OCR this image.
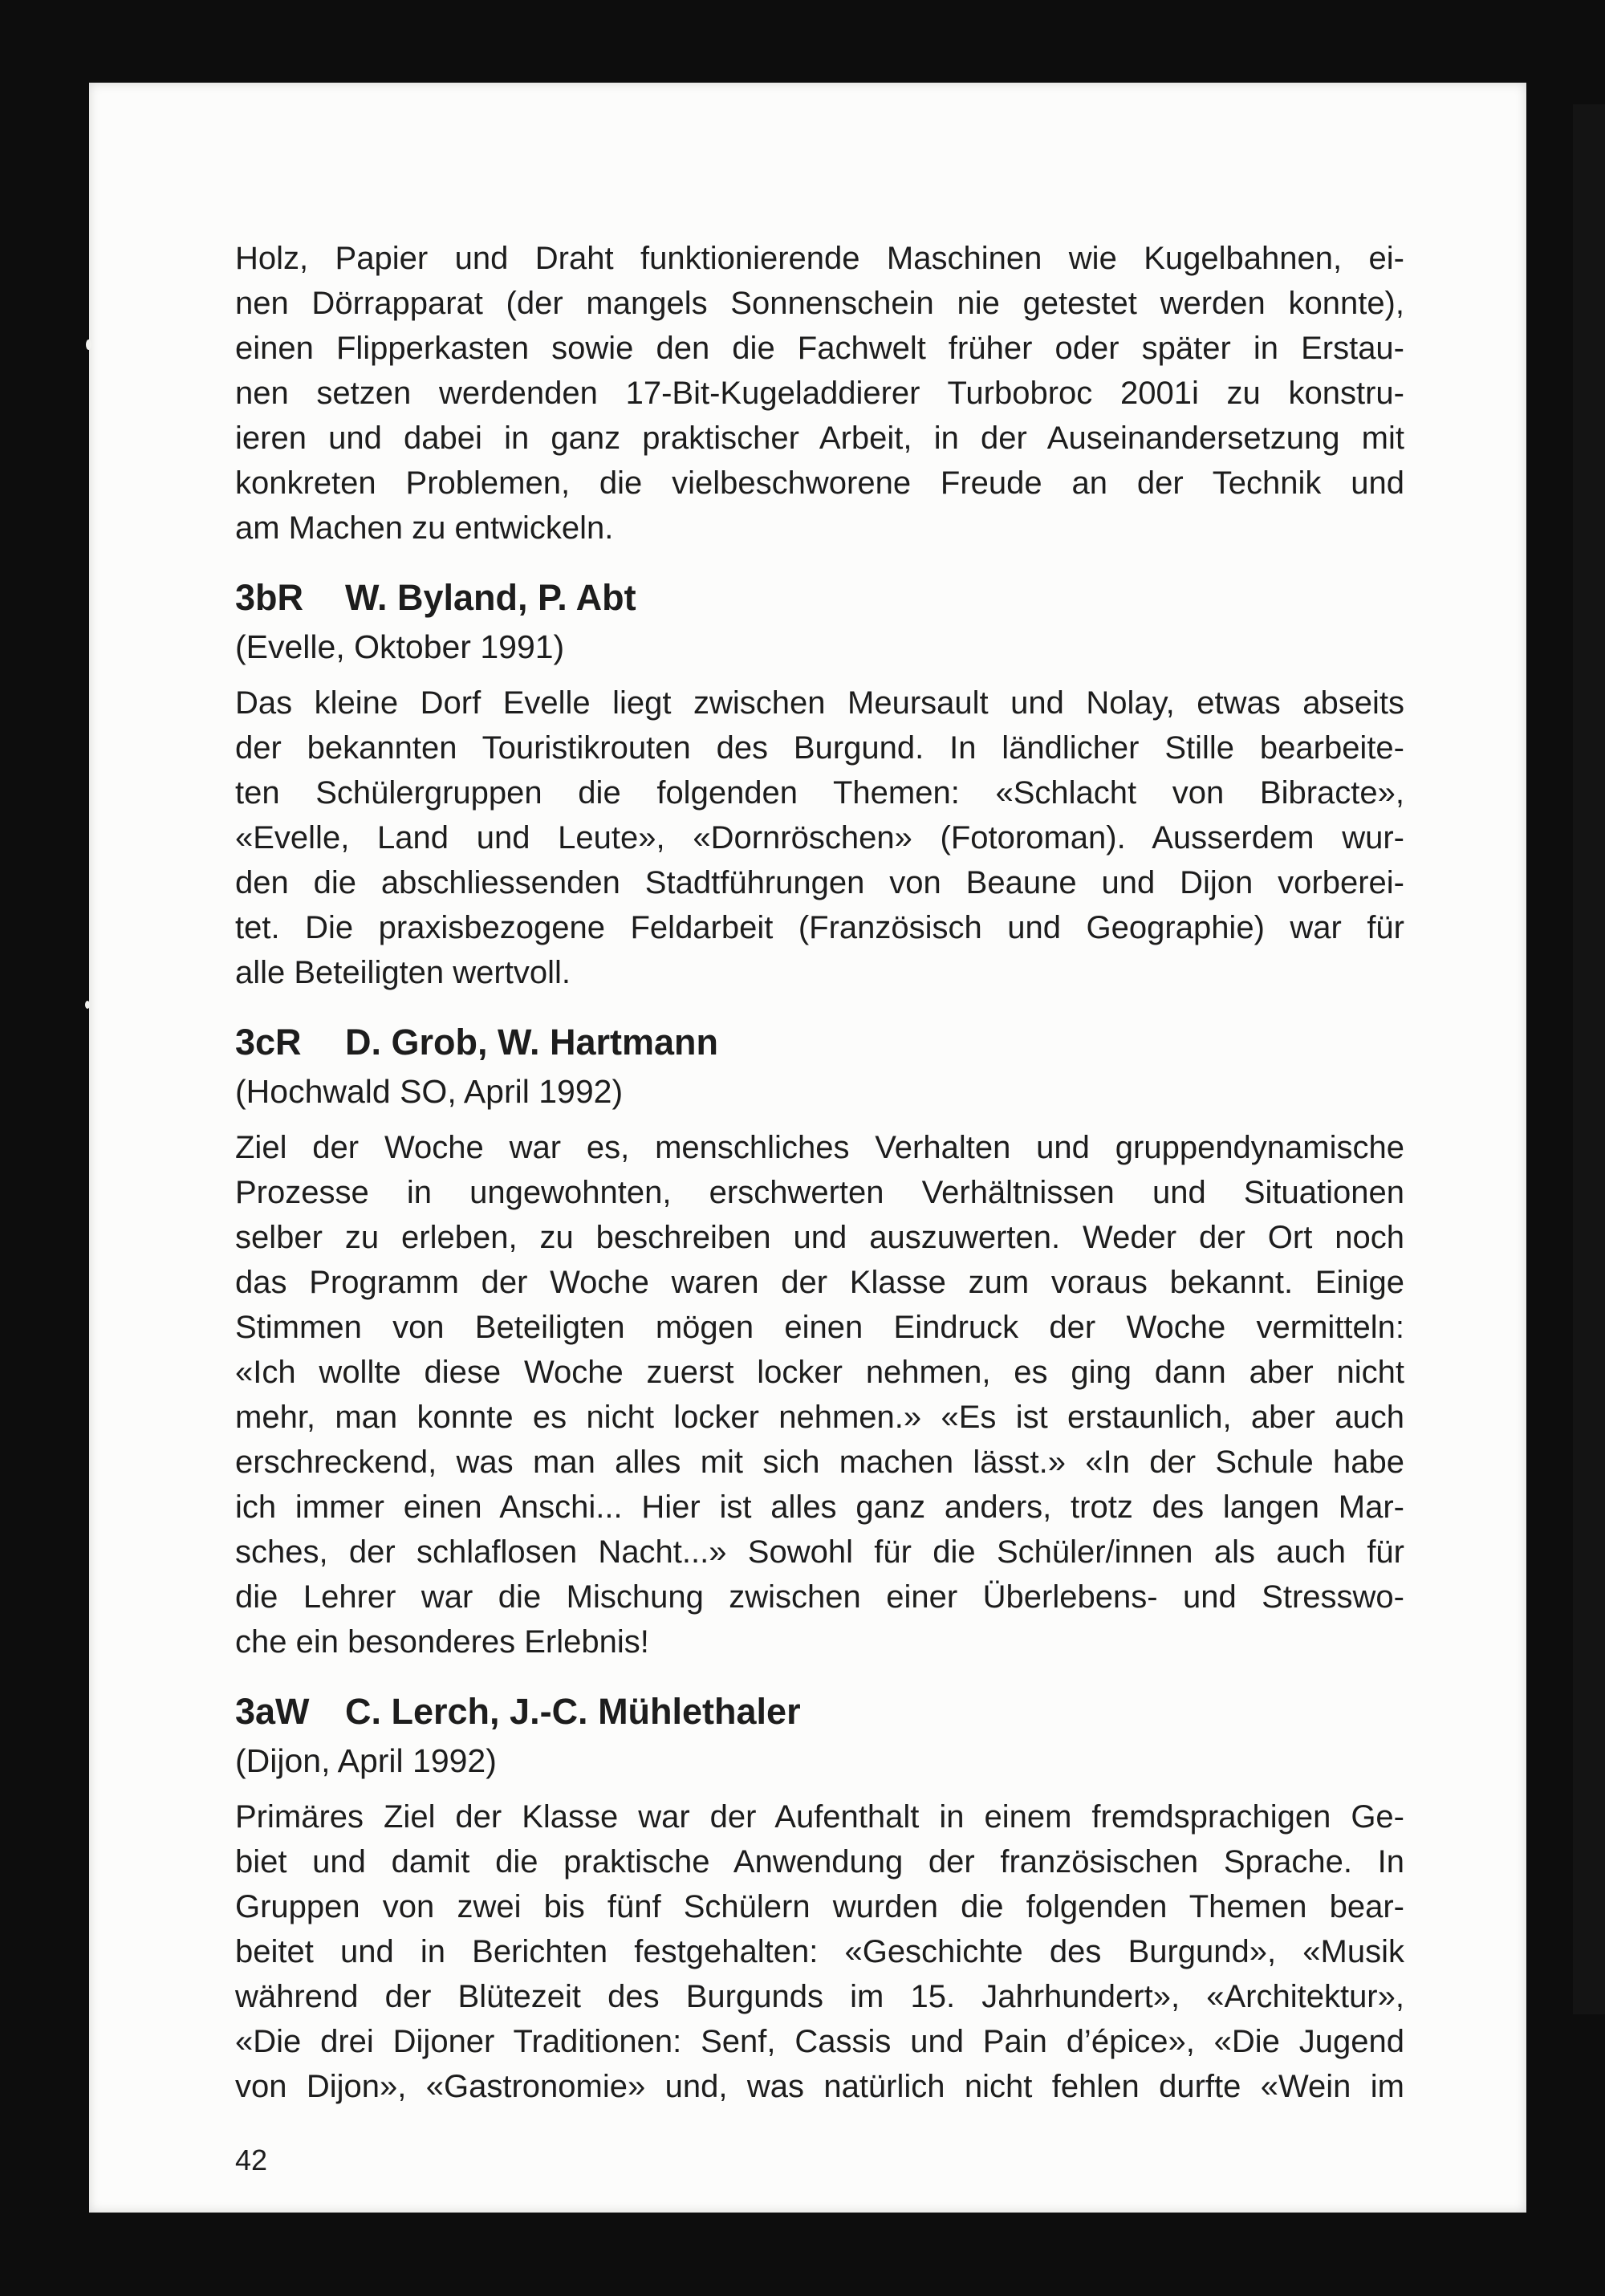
Holz, Papier und Draht funktionierende Maschinen wie Kugelbahnen, ei-
nen Dörrapparat (der mangels Sonnenschein nie getestet werden konnte),
einen Flipperkasten sowie den die Fachwelt früher oder später in Erstau-
nen setzen werdenden 17-Bit-Kugeladdierer Turbobroc 2001i zu konstru-
ieren und dabei in ganz praktischer Arbeit, in der Auseinandersetzung mit
konkreten Problemen, die vielbeschworene Freude an der Technik und
am Machen zu entwickeln.
3bR W. Byland, P. Abt
(Evelle, Oktober 1991)
Das kleine Dorf Evelle liegt zwischen Meursault und Nolay, etwas abseits
der bekannten Touristikrouten des Burgund. In ländlicher Stille bearbeite-
ten Schülergruppen die folgenden Themen: «Schlacht von Bibracte»,
«Evelle, Land und Leute», «Dornröschen» (Fotoroman). Ausserdem wur-
den die abschliessenden Stadtführungen von Beaune und Dijon vorberei-
tet. Die praxisbezogene Feldarbeit (Französisch und Geographie) war für
alle Beteiligten wertvoll.
3cR D. Grob, W. Hartmann
(Hochwald SO, April 1992)
Ziel der Woche war es, menschliches Verhalten und gruppendynamische
Prozesse in ungewohnten, erschwerten Verhältnissen und Situationen
selber zu erleben, zu beschreiben und auszuwerten. Weder der Ort noch
das Programm der Woche waren der Klasse zum voraus bekannt. Einige
Stimmen von Beteiligten mögen einen Eindruck der Woche vermitteln:
«Ich wollte diese Woche zuerst locker nehmen, es ging dann aber nicht
mehr, man konnte es nicht locker nehmen.» «Es ist erstaunlich, aber auch
erschreckend, was man alles mit sich machen lässt.» «In der Schule habe
ich immer einen Anschi... Hier ist alles ganz anders, trotz des langen Mar-
sches, der schlaflosen Nacht...» Sowohl für die Schüler/innen als auch für
die Lehrer war die Mischung zwischen einer Überlebens- und Stresswo-
che ein besonderes Erlebnis!
3aW C. Lerch, J.-C. Mühlethaler
(Dijon, April 1992)
Primäres Ziel der Klasse war der Aufenthalt in einem fremdsprachigen Ge-
biet und damit die praktische Anwendung der französischen Sprache. In
Gruppen von zwei bis fünf Schülern wurden die folgenden Themen bear-
beitet und in Berichten festgehalten: «Geschichte des Burgund», «Musik
während der Blütezeit des Burgunds im 15. Jahrhundert», «Architektur»,
«Die drei Dijoner Traditionen: Senf, Cassis und Pain d’épice», «Die Jugend
von Dijon», «Gastronomie» und, was natürlich nicht fehlen durfte «Wein im
42
